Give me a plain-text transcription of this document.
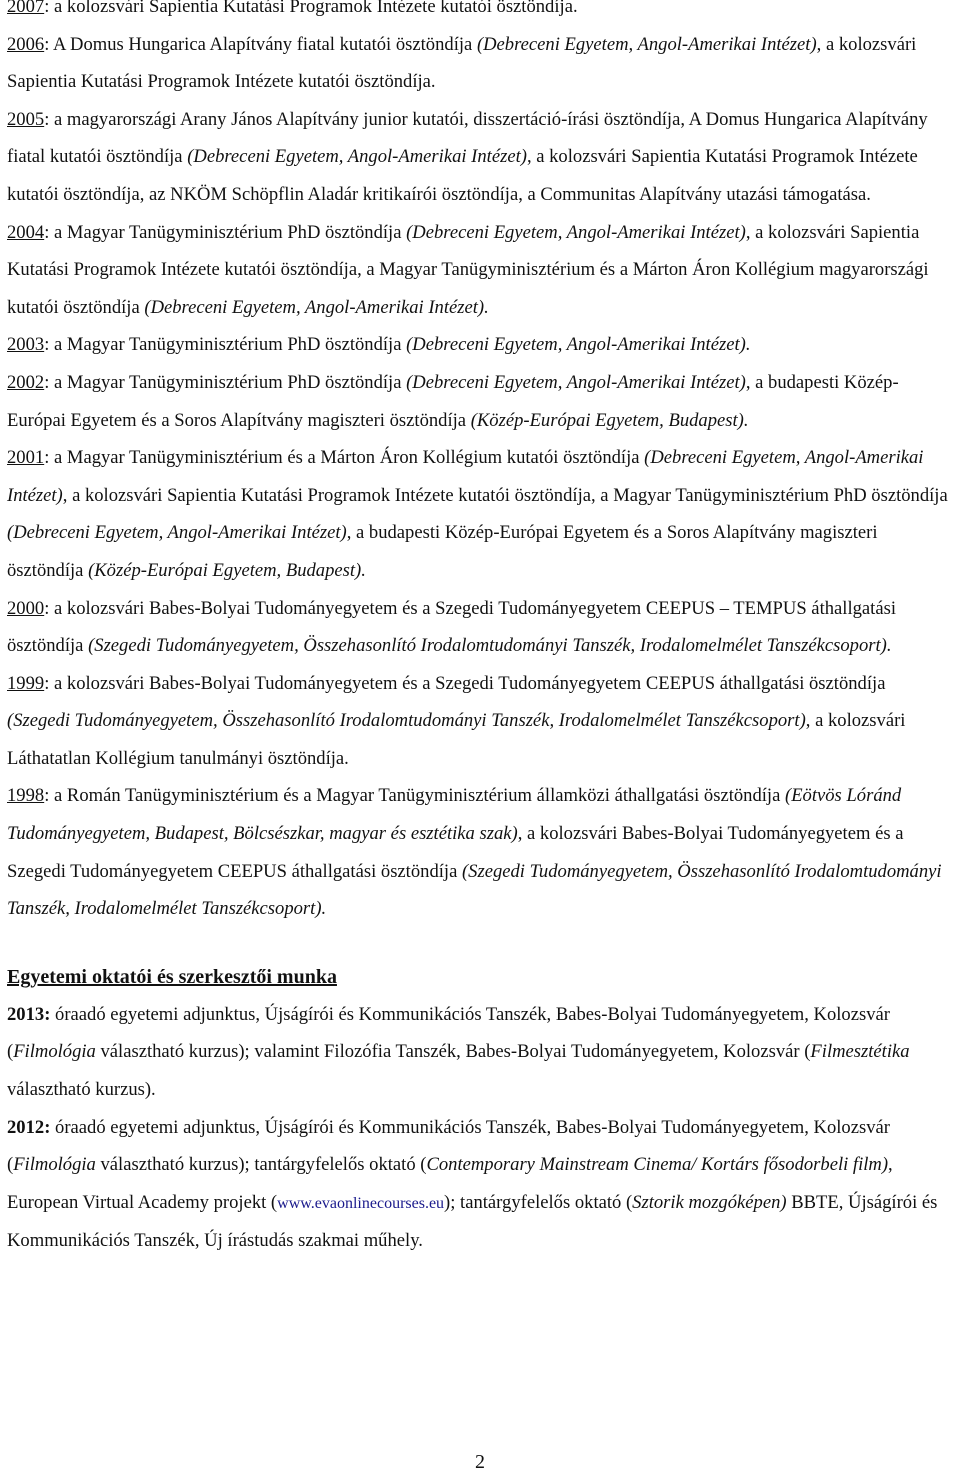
2007: a kolozsvári Sapientia Kutatási Programok Intézete kutatói ösztöndíja.

2006: A Domus Hungarica Alapítvány fiatal kutatói ösztöndíja (Debreceni Egyetem, Angol-Amerikai Intézet), a kolozsvári Sapientia Kutatási Programok Intézete kutatói ösztöndíja.

2005: a magyarországi Arany János Alapítvány junior kutatói, disszertáció-írási ösztöndíja, A Domus Hungarica Alapítvány fiatal kutatói ösztöndíja (Debreceni Egyetem, Angol-Amerikai Intézet), a kolozsvári Sapientia Kutatási Programok Intézete kutatói ösztöndíja, az NKÖM Schöpflin Aladár kritikaírói ösztöndíja, a Communitas Alapítvány utazási támogatása.

2004: a Magyar Tanügyminisztérium PhD ösztöndíja (Debreceni Egyetem, Angol-Amerikai Intézet), a kolozsvári Sapientia Kutatási Programok Intézete kutatói ösztöndíja, a Magyar Tanügyminisztérium és a Márton Áron Kollégium magyarországi kutatói ösztöndíja (Debreceni Egyetem, Angol-Amerikai Intézet).

2003: a Magyar Tanügyminisztérium PhD ösztöndíja (Debreceni Egyetem, Angol-Amerikai Intézet).

2002: a Magyar Tanügyminisztérium PhD ösztöndíja (Debreceni Egyetem, Angol-Amerikai Intézet), a budapesti Közép-Európai Egyetem és a Soros Alapítvány magiszteri ösztöndíja (Közép-Európai Egyetem, Budapest).

2001: a Magyar Tanügyminisztérium és a Márton Áron Kollégium kutatói ösztöndíja (Debreceni Egyetem, Angol-Amerikai Intézet), a kolozsvári Sapientia Kutatási Programok Intézete kutatói ösztöndíja, a Magyar Tanügyminisztérium PhD ösztöndíja (Debreceni Egyetem, Angol-Amerikai Intézet), a budapesti Közép-Európai Egyetem és a Soros Alapítvány magiszteri ösztöndíja (Közép-Európai Egyetem, Budapest).

2000: a kolozsvári Babes-Bolyai Tudományegyetem és a Szegedi Tudományegyetem CEEPUS – TEMPUS áthallgatási ösztöndíja (Szegedi Tudományegyetem, Összehasonlító Irodalomtudományi Tanszék, Irodalomelmélet Tanszékcsoport).

1999: a kolozsvári Babes-Bolyai Tudományegyetem és a Szegedi Tudományegyetem CEEPUS áthallgatási ösztöndíja (Szegedi Tudományegyetem, Összehasonlító Irodalomtudományi Tanszék, Irodalomelmélet Tanszékcsoport), a kolozsvári Láthatatlan Kollégium tanulmányi ösztöndíja.

1998: a Román Tanügyminisztérium és a Magyar Tanügyminisztérium államközi áthallgatási ösztöndíja (Eötvös Lóránd Tudományegyetem, Budapest, Bölcsészkar, magyar és esztétika szak), a kolozsvári Babes-Bolyai Tudományegyetem és a Szegedi Tudományegyetem CEEPUS áthallgatási ösztöndíja (Szegedi Tudományegyetem, Összehasonlító Irodalomtudományi Tanszék, Irodalomelmélet Tanszékcsoport).

Egyetemi oktatói és szerkesztői munka

2013: óraadó egyetemi adjunktus, Újságírói és Kommunikációs Tanszék, Babes-Bolyai Tudományegyetem, Kolozsvár (Filmológia választható kurzus); valamint Filozófia Tanszék, Babes-Bolyai Tudományegyetem, Kolozsvár (Filmesztétika választható kurzus).

2012: óraadó egyetemi adjunktus, Újságírói és Kommunikációs Tanszék, Babes-Bolyai Tudományegyetem, Kolozsvár (Filmológia választható kurzus); tantárgyfelelős oktató (Contemporary Mainstream Cinema/ Kortárs fősodorbeli film), European Virtual Academy projekt (www.evaonlinecourses.eu); tantárgyfelelős oktató (Sztorik mozgóképen) BBTE, Újságírói és Kommunikációs Tanszék, Új írástudás szakmai műhely.

2
